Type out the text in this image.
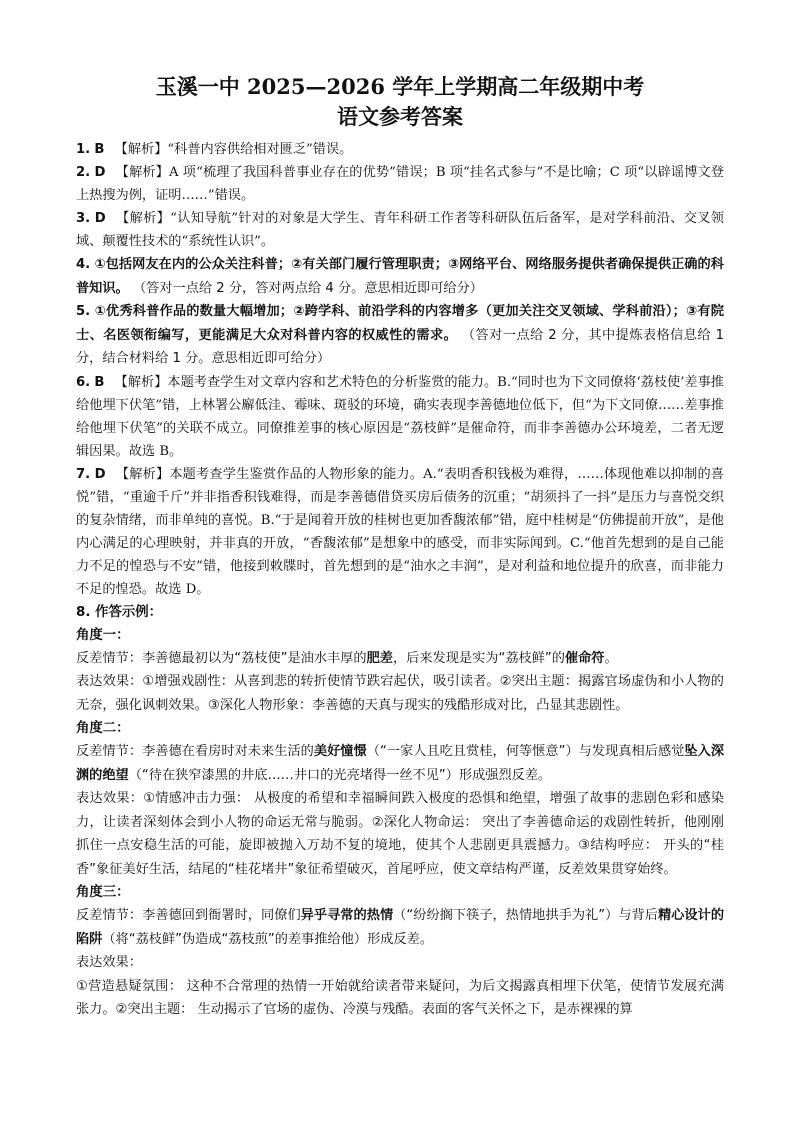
玉溪一中 2025—2026 学年上学期高二年级期中考
语文参考答案

1. B 【解析】“科普内容供给相对匮乏”错误。

2. D 【解析】A 项“梳理了我国科普事业存在的优势”错误；B 项“挂名式参与”不是比喻；C 项“以辟谣博文登上热搜为例，证明……”错误。

3. D 【解析】“认知导航”针对的对象是大学生、青年科研工作者等科研队伍后备军，是对学科前沿、交叉领域、颠覆性技术的“系统性认识”。

4. ①包括网友在内的公众关注科普；②有关部门履行管理职责；③网络平台、网络服务提供者确保提供正确的科普知识。 （答对一点给 2 分，答对两点给 4 分。意思相近即可给分）

5. ①优秀科普作品的数量大幅增加；②跨学科、前沿学科的内容增多（更加关注交叉领域、学科前沿）；③有院士、名医领衔编写，更能满足大众对科普内容的权威性的需求。 （答对一点给 2 分，其中提炼表格信息给 1 分，结合材料给 1 分。意思相近即可给分）

6. B 【解析】本题考查学生对文章内容和艺术特色的分析鉴赏的能力。B.“同时也为下文同僚将‘荔枝使’差事推给他埋下伏笔”错，上林署公廨低洼、霉味、斑驳的环境，确实表现李善德地位低下，但“为下文同僚……差事推给他埋下伏笔”的关联不成立。同僚推差事的核心原因是“荔枝鲜”是催命符，而非李善德办公环境差，二者无逻辑因果。故选 B。

7. D 【解析】本题考查学生鉴赏作品的人物形象的能力。A.“表明香积钱极为难得，……体现他难以抑制的喜悦”错，“重逾千斤”并非指香积钱难得，而是李善德借贷买房后债务的沉重；“胡须抖了一抖”是压力与喜悦交织的复杂情绪，而非单纯的喜悦。B.“于是闻着开放的桂树也更加香馥浓郁”错，庭中桂树是“仿佛提前开放”，是他内心满足的心理映射，并非真的开放，“香馥浓郁”是想象中的感受，而非实际闻到。C.“他首先想到的是自己能力不足的惶恐与不安”错，他接到敕牒时，首先想到的是“油水之丰润”，是对利益和地位提升的欣喜，而非能力不足的惶恐。故选 D。

8. 作答示例：

角度一：

反差情节：李善德最初以为“荔枝使”是油水丰厚的肥差，后来发现是实为“荔枝鲜”的催命符。

表达效果：①增强戏剧性：从喜到悲的转折使情节跌宕起伏，吸引读者。②突出主题：揭露官场虚伪和小人物的无奈，强化讽刺效果。③深化人物形象：李善德的天真与现实的残酷形成对比，凸显其悲剧性。

角度二：

反差情节：李善德在看房时对未来生活的美好憧憬（“一家人且吃且赏桂，何等惬意”）与发现真相后感觉坠入深渊的绝望（“待在狭窄漆黑的井底……井口的光亮堵得一丝不见”）形成强烈反差。

表达效果：①情感冲击力强： 从极度的希望和幸福瞬间跌入极度的恐惧和绝望，增强了故事的悲剧色彩和感染力，让读者深刻体会到小人物的命运无常与脆弱。②深化人物命运： 突出了李善德命运的戏剧性转折，他刚刚抓住一点安稳生活的可能，旋即被抛入万劫不复的境地，使其个人悲剧更具震撼力。③结构呼应： 开头的“桂香”象征美好生活，结尾的“桂花堵井”象征希望破灭，首尾呼应，使文章结构严谨，反差效果贯穿始终。

角度三：

反差情节：李善德回到衙署时，同僚们异乎寻常的热情（“纷纷搁下筷子，热情地拱手为礼”）与背后精心设计的陷阱（将“荔枝鲜”伪造成“荔枝煎”的差事推给他）形成反差。

表达效果：

①营造悬疑氛围： 这种不合常理的热情一开始就给读者带来疑问，为后文揭露真相埋下伏笔，使情节发展充满张力。②突出主题： 生动揭示了官场的虚伪、冷漠与残酷。表面的客气关怀之下，是赤裸裸的算
